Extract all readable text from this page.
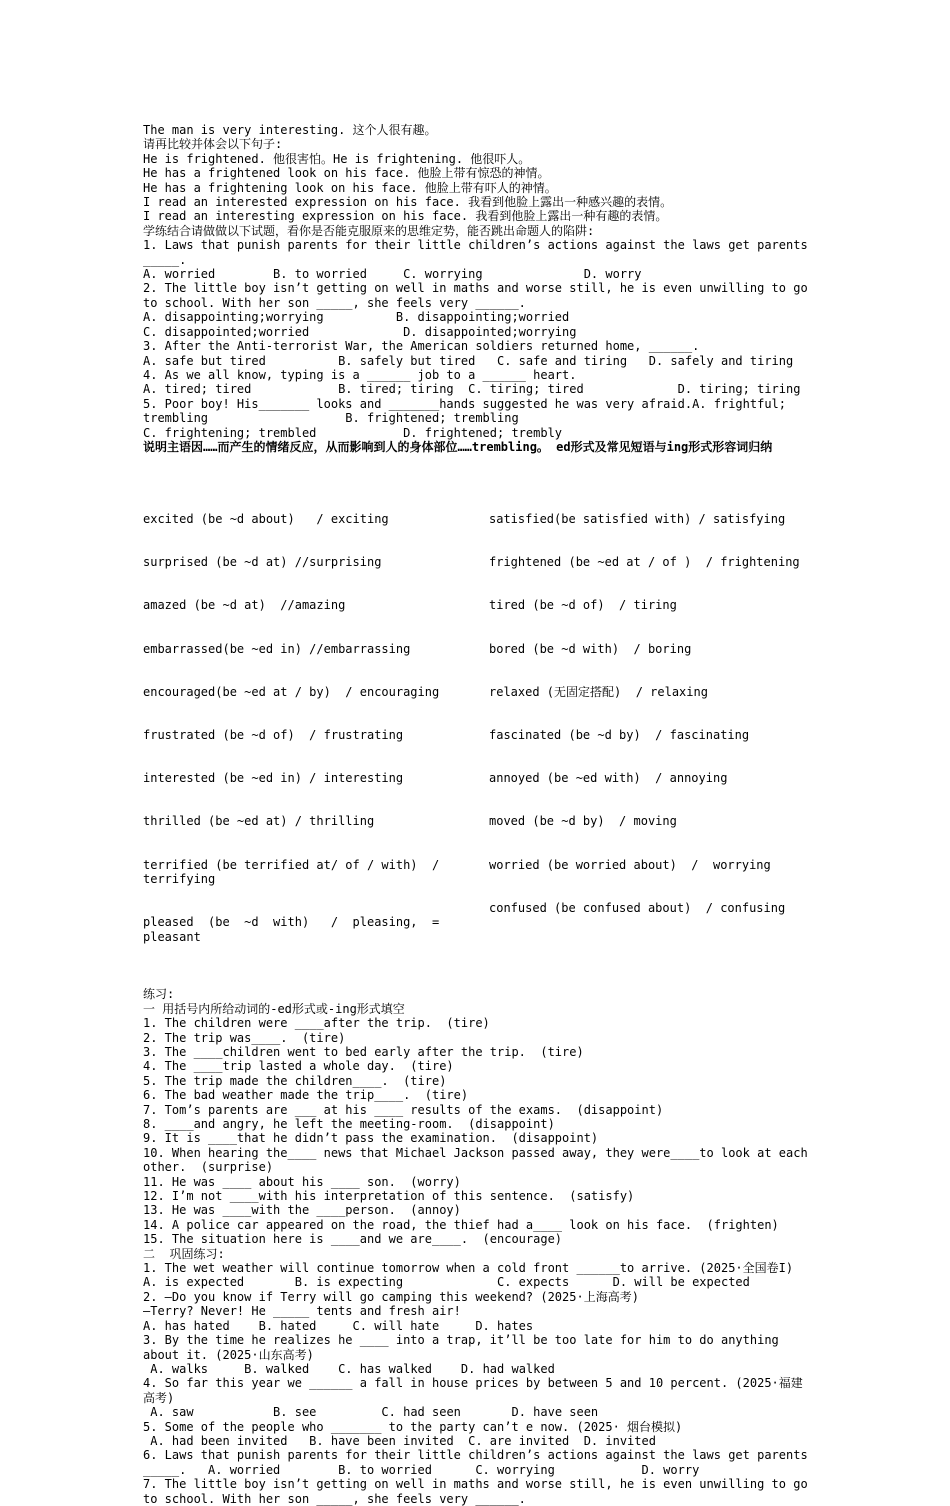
The man is very interesting. 这个人很有趣。

请再比较并体会以下句子:

He is frightened. 他很害怕。He is frightening. 他很吓人。

He has a frightened look on his face. 他脸上带有惊恐的神情。

He has a frightening look on his face. 他脸上带有吓人的神情。

I read an interested expression on his face. 我看到他脸上露出一种感兴趣的表情。

I read an interesting expression on his face. 我看到他脸上露出一种有趣的表情。

学练结合请做做以下试题，看你是否能克服原来的思维定势，能否跳出命题人的陷阱:

1. Laws that punish parents for their little children’s actions against the laws get parents _____.

A. worried        B. to worried     C. worrying              D. worry

2. The little boy isn’t getting on well in maths and worse still, he is even unwilling to go to school. With her son _____, she feels very ______.

A. disappointing;worrying          B. disappointing;worried

C. disappointed;worried             D. disappointed;worrying

3. After the Anti-terrorist War, the American soldiers returned home, ______.

A. safe but tired          B. safely but tired   C. safe and tiring   D. safely and tiring

4. As we all know, typing is a ______ job to a ______ heart.

A. tired; tired            B. tired; tiring  C. tiring; tired             D. tiring; tiring

5. Poor boy! His_______ looks and _______hands suggested he was very afraid.A. frightful; trembling                   B. frightened; trembling

C. frightening; trembled            D. frightened; trembly

说明主语因……而产生的情绪反应，从而影响到人的身体部位……trembling。 ed形式及常见短语与ing形式形容词归纳

excited (be ~d about)   / exciting

surprised (be ~d at) //surprising

amazed (be ~d at)  //amazing

embarrassed(be ~ed in) //embarrassing

encouraged(be ~ed at / by)  / encouraging

frustrated (be ~d of)  / frustrating

interested (be ~ed in) / interesting

thrilled (be ~ed at) / thrilling

terrified (be terrified at/ of / with)  / terrifying

pleased  (be  ~d  with)   /  pleasing,  = pleasant

satisfied(be satisfied with) / satisfying

frightened (be ~ed at / of )  / frightening

tired (be ~d of)  / tiring

bored (be ~d with)  / boring

relaxed (无固定搭配)  / relaxing

fascinated (be ~d by)  / fascinating

annoyed (be ~ed with)  / annoying

moved (be ~d by)  / moving

worried (be worried about)  /  worrying

confused (be confused about)  / confusing

练习:

一 用括号内所给动词的-ed形式或-ing形式填空

1. The children were ____after the trip.  (tire)

2. The trip was____.  (tire)

3. The ____children went to bed early after the trip.  (tire)

4. The ____trip lasted a whole day.  (tire)

5. The trip made the children____.  (tire)

6. The bad weather made the trip____.  (tire)

7. Tom’s parents are ___ at his ____ results of the exams.  (disappoint)

8. ____and angry, he left the meeting-room.  (disappoint)

9. It is ____that he didn’t pass the examination.  (disappoint)

10. When hearing the____ news that Michael Jackson passed away, they were____to look at each other.  (surprise)

11. He was ____ about his ____ son.  (worry)

12. I’m not ____with his interpretation of this sentence.  (satisfy)

13. He was ____with the ____person.  (annoy)

14. A police car appeared on the road, the thief had a____ look on his face.  (frighten)

15. The situation here is ____and we are____.  (encourage)

二  巩固练习:

1. The wet weather will continue tomorrow when a cold front ______to arrive. (2025·全国卷I)

A. is expected       B. is expecting             C. expects      D. will be expected

2. —Do you know if Terry will go camping this weekend? (2025·上海高考)

—Terry? Never! He _____ tents and fresh air!

A. has hated    B. hated     C. will hate     D. hates

3. By the time he realizes he ____ into a trap, it’ll be too late for him to do anything about it. (2025·山东高考)

A. walks     B. walked    C. has walked    D. had walked

4. So far this year we ______ a fall in house prices by between 5 and 10 percent. (2025·福建高考)

A. saw           B. see         C. had seen       D. have seen

5. Some of the people who _______ to the party can’t e now. (2025· 烟台模拟)

A. had been invited   B. have been invited  C. are invited  D. invited

6. Laws that punish parents for their little children’s actions against the laws get parents _____.   A. worried        B. to worried      C. worrying            D. worry

7. The little boy isn’t getting on well in maths and worse still, he is even unwilling to go to school. With her son _____, she feels very ______.
